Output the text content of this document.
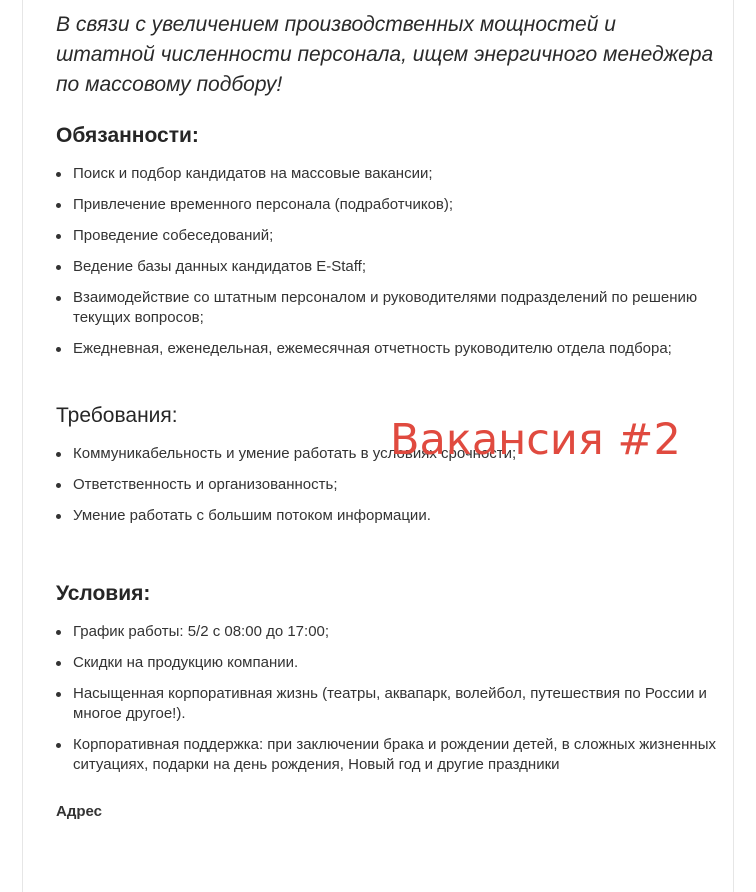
В связи с увеличением производственных мощностей и штатной численности персонала, ищем энергичного менеджера по массовому подбору!

Обязанности:
Поиск и подбор кандидатов на массовые вакансии;
Привлечение временного персонала (подработчиков);
Проведение собеседований;
Ведение базы данных кандидатов E-Staff;
Взаимодействие со штатным персоналом и руководителями подразделений по решению текущих вопросов;
Ежедневная, еженедельная, ежемесячная отчетность руководителю отдела подбора;
Требования:
Коммуникабельность и умение работать в условиях срочности;
Ответственность и организованность;
Умение работать с большим потоком информации.
Условия:
График работы: 5/2 с 08:00 до 17:00;
Скидки на продукцию компании.
Насыщенная корпоративная жизнь (театры, аквапарк, волейбол, путешествия по России и многое другое!).
Корпоративная поддержка: при заключении брака и рождении детей, в сложных жизненных ситуациях, подарки на день рождения, Новый год и другие праздники

Адрес

Вакансия #2
